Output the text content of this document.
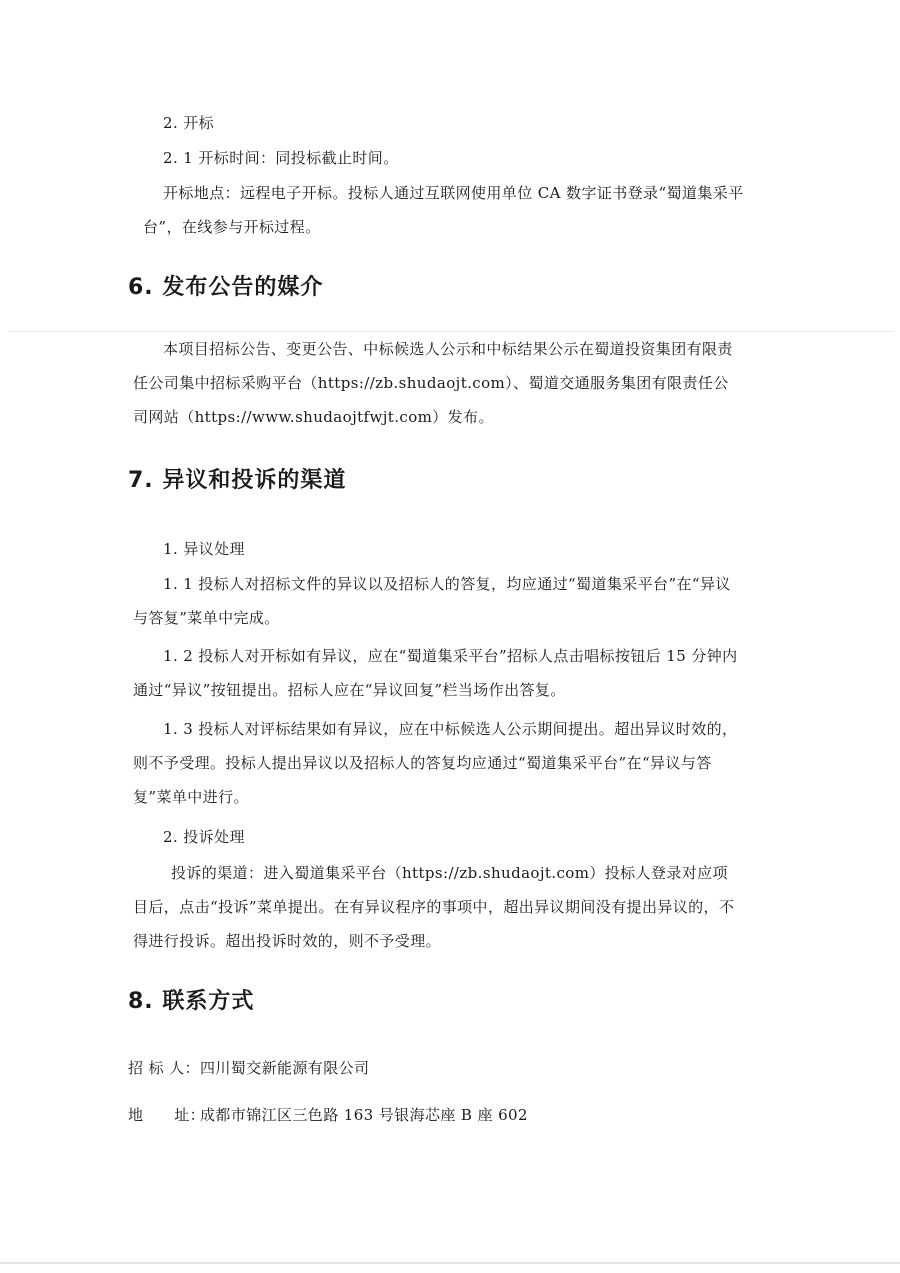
2. 开标

2. 1 开标时间：同投标截止时间。

开标地点：远程电子开标。投标人通过互联网使用单位 CA 数字证书登录“蜀道集采平台”，在线参与开标过程。

6. 发布公告的媒介

本项目招标公告、变更公告、中标候选人公示和中标结果公示在蜀道投资集团有限责任公司集中招标采购平台（https://zb.shudaojt.com）、蜀道交通服务集团有限责任公司网站（https://www.shudaojtfwjt.com）发布。

7. 异议和投诉的渠道

1. 异议处理

1. 1 投标人对招标文件的异议以及招标人的答复，均应通过“蜀道集采平台”在“异议与答复”菜单中完成。

1. 2 投标人对开标如有异议，应在“蜀道集采平台”招标人点击唱标按钮后 15 分钟内通过“异议”按钮提出。招标人应在“异议回复”栏当场作出答复。

1. 3 投标人对评标结果如有异议，应在中标候选人公示期间提出。超出异议时效的，则不予受理。投标人提出异议以及招标人的答复均应通过“蜀道集采平台”在“异议与答复”菜单中进行。

2. 投诉处理

投诉的渠道：进入蜀道集采平台（https://zb.shudaojt.com）投标人登录对应项目后，点击“投诉”菜单提出。在有异议程序的事项中，超出异议期间没有提出异议的，不得进行投诉。超出投诉时效的，则不予受理。

8. 联系方式

招 标 人：四川蜀交新能源有限公司

地　　址：成都市锦江区三色路 163 号银海芯座 B 座 602
